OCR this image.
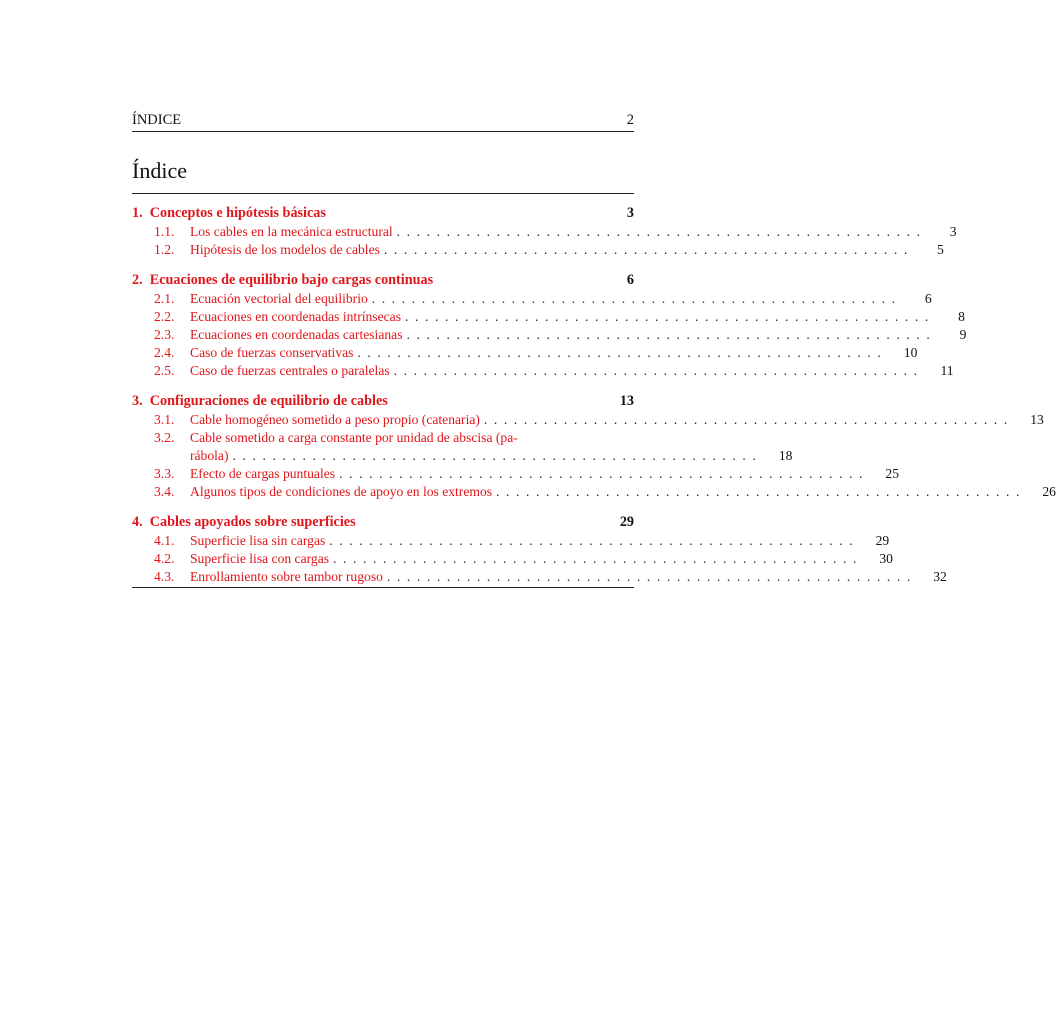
ÍNDICE	2
Índice
1. Conceptos e hipótesis básicas	3
1.1.	Los cables en la mecánica estructural .....................................................	3
1.2.	Hipótesis de los modelos de cables .....................................................	5
2. Ecuaciones de equilibrio bajo cargas continuas	6
2.1.	Ecuación vectorial del equilibrio .....................................................	6
2.2.	Ecuaciones en coordenadas intrínsecas .....................................................	8
2.3.	Ecuaciones en coordenadas cartesianas .....................................................	9
2.4.	Caso de fuerzas conservativas .....................................................	10
2.5.	Caso de fuerzas centrales o paralelas .....................................................	11
3. Configuraciones de equilibrio de cables	13
3.1.	Cable homogéneo sometido a peso propio (catenaria) .....................................................	13
3.2.	Cable sometido a carga constante por unidad de abscisa (pa-
rábola) .....................................................	18
3.3.	Efecto de cargas puntuales .....................................................	25
3.4.	Algunos tipos de condiciones de apoyo en los extremos .....................................................	26
4. Cables apoyados sobre superficies	29
4.1.	Superficie lisa sin cargas .....................................................	29
4.2.	Superficie lisa con cargas .....................................................	30
4.3.	Enrollamiento sobre tambor rugoso .....................................................	32
